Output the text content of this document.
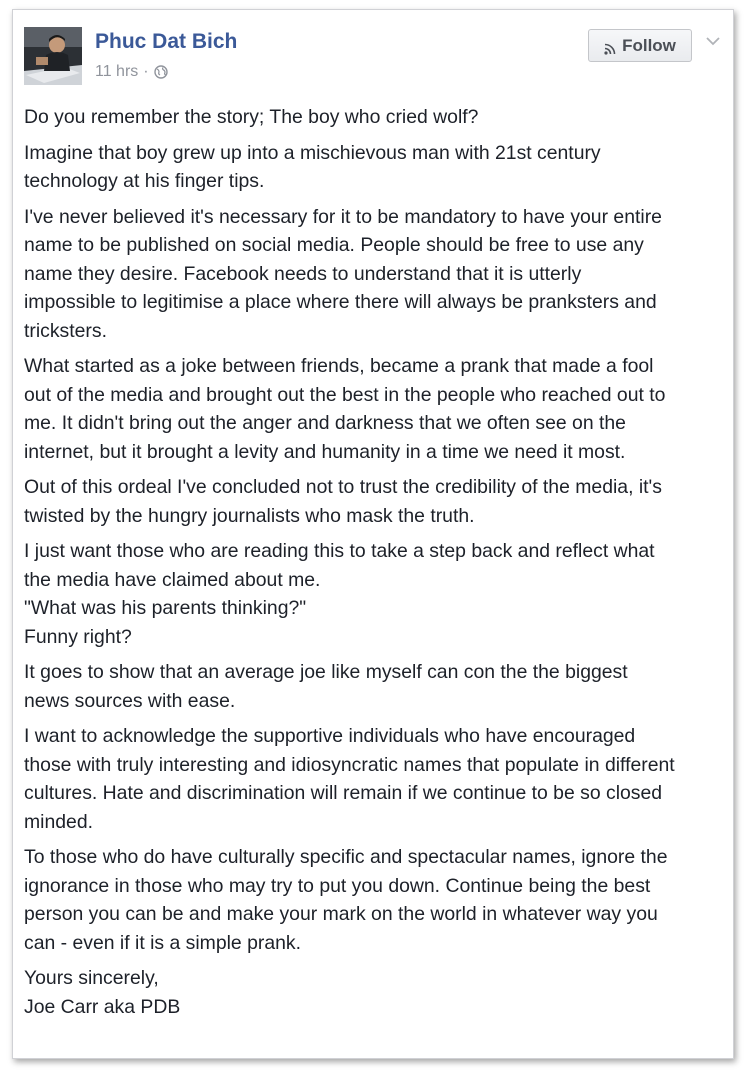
Phuc Dat Bich
11 hrs ·
Follow

Do you remember the story; The boy who cried wolf?

Imagine that boy grew up into a mischievous man with 21st century
technology at his finger tips.

I've never believed it's necessary for it to be mandatory to have your entire
name to be published on social media. People should be free to use any
name they desire. Facebook needs to understand that it is utterly
impossible to legitimise a place where there will always be pranksters and
tricksters.

What started as a joke between friends, became a prank that made a fool
out of the media and brought out the best in the people who reached out to
me. It didn't bring out the anger and darkness that we often see on the
internet, but it brought a levity and humanity in a time we need it most.

Out of this ordeal I've concluded not to trust the credibility of the media, it's
twisted by the hungry journalists who mask the truth.

I just want those who are reading this to take a step back and reflect what
the media have claimed about me.
"What was his parents thinking?"
Funny right?

It goes to show that an average joe like myself can con the the biggest
news sources with ease.

I want to acknowledge the supportive individuals who have encouraged
those with truly interesting and idiosyncratic names that populate in different
cultures. Hate and discrimination will remain if we continue to be so closed
minded.

To those who do have culturally specific and spectacular names, ignore the
ignorance in those who may try to put you down. Continue being the best
person you can be and make your mark on the world in whatever way you
can - even if it is a simple prank.

Yours sincerely,
Joe Carr aka PDB
